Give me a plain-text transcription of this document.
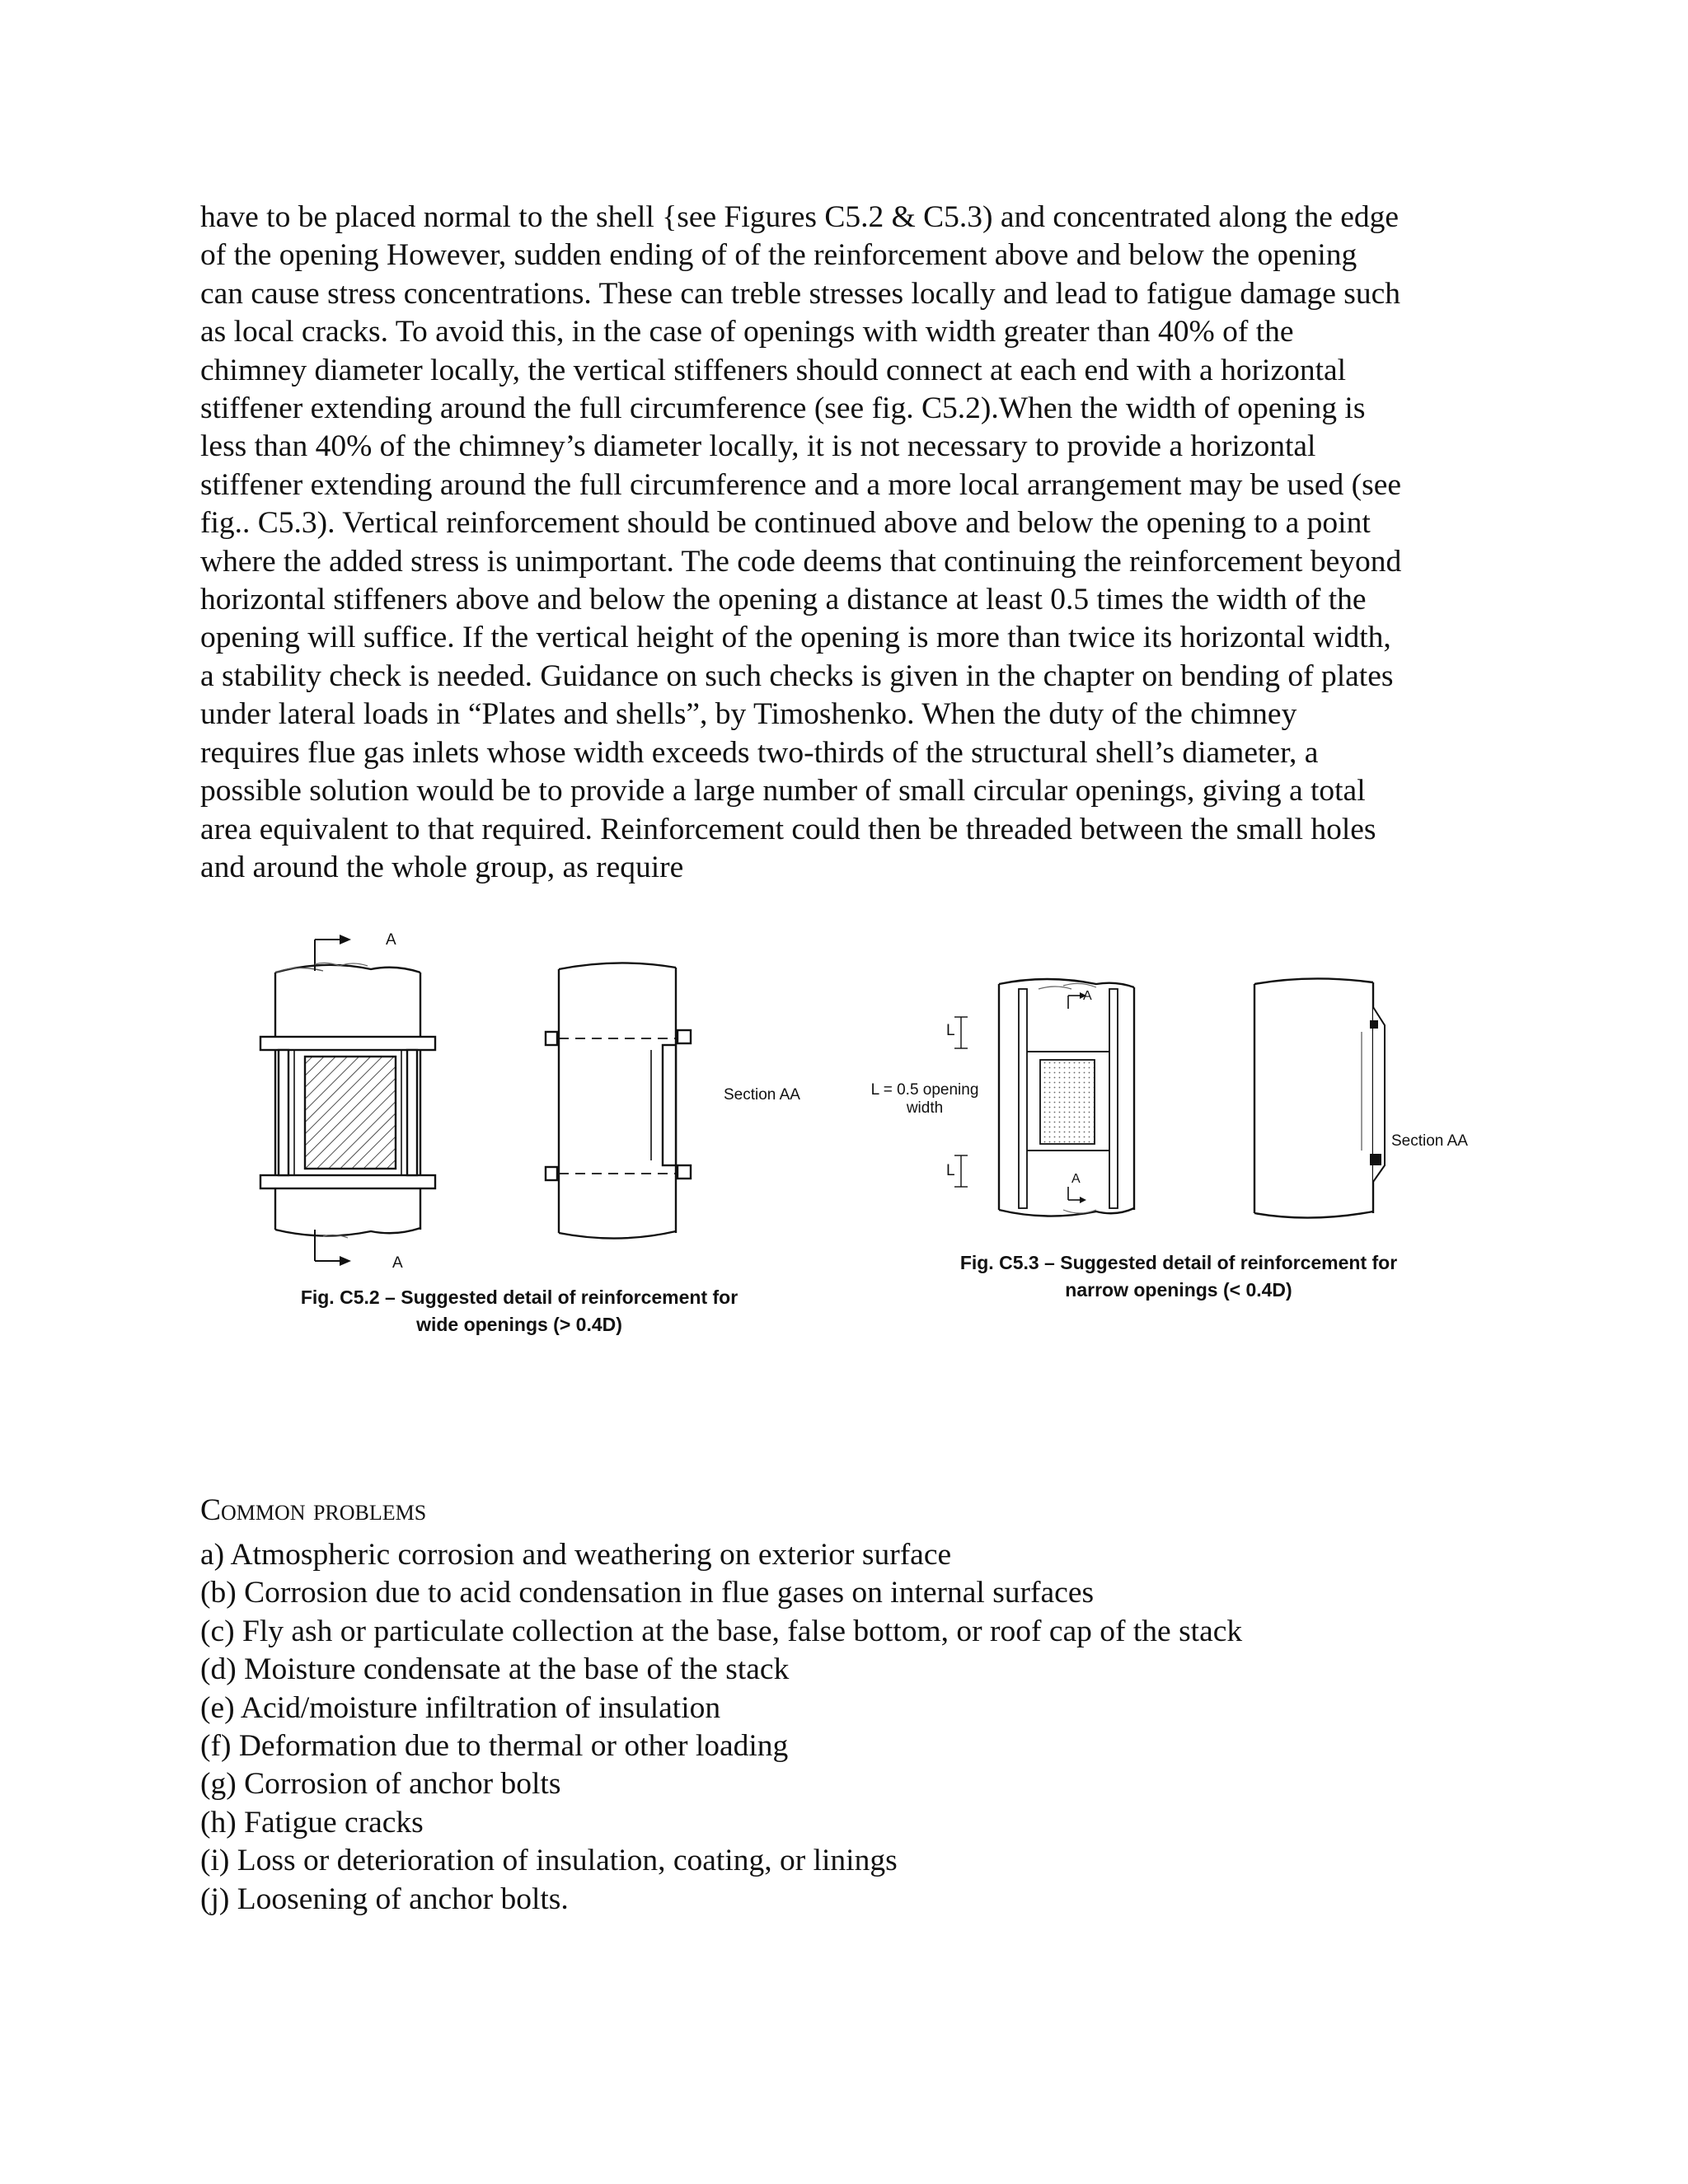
have to be placed normal to the shell {see Figures C5.2 & C5.3) and concentrated along the edge
of the opening However, sudden ending of of the reinforcement above and below the opening
can cause stress concentrations. These can treble stresses locally and lead to fatigue damage such
as local cracks. To avoid this, in the case of openings with width greater than 40% of the
chimney diameter locally, the vertical stiffeners should connect at each end with a horizontal
stiffener extending around the full circumference (see fig. C5.2).When the width of opening is
less than 40% of the chimney’s diameter locally, it is not necessary to provide a horizontal
stiffener extending around the full circumference and a more local arrangement may be used (see
fig.. C5.3). Vertical reinforcement should be continued above and below the opening to a point
where the added stress is unimportant. The code deems that continuing the reinforcement beyond
horizontal stiffeners above and below the opening a distance at least 0.5 times the width of the
opening will suffice. If the vertical height of the opening is more than twice its horizontal width,
a stability check is needed. Guidance on such checks is given in the chapter on bending of plates
under lateral loads in “Plates and shells”, by Timoshenko. When the duty of the chimney
requires flue gas inlets whose width exceeds two-thirds of the structural shell’s diameter, a
possible solution would be to provide a large number of small circular openings, giving a total
area equivalent to that required. Reinforcement could then be threaded between the small holes
and around the whole group, as require
A
A
Section AA
Fig. C5.2 – Suggested detail of reinforcement for
wide openings (> 0.4D)
L
L
L = 0.5 opening
width
A
A
Section AA
Fig. C5.3 – Suggested detail of reinforcement for
narrow openings (< 0.4D)
Common problems
a) Atmospheric corrosion and weathering on exterior surface
(b) Corrosion due to acid condensation in flue gases on internal surfaces
(c) Fly ash or particulate collection at the base, false bottom, or roof cap of the stack
(d) Moisture condensate at the base of the stack
(e) Acid/moisture infiltration of insulation
(f) Deformation due to thermal or other loading
(g) Corrosion of anchor bolts
(h) Fatigue cracks
(i) Loss or deterioration of insulation, coating, or linings
(j) Loosening of anchor bolts.
